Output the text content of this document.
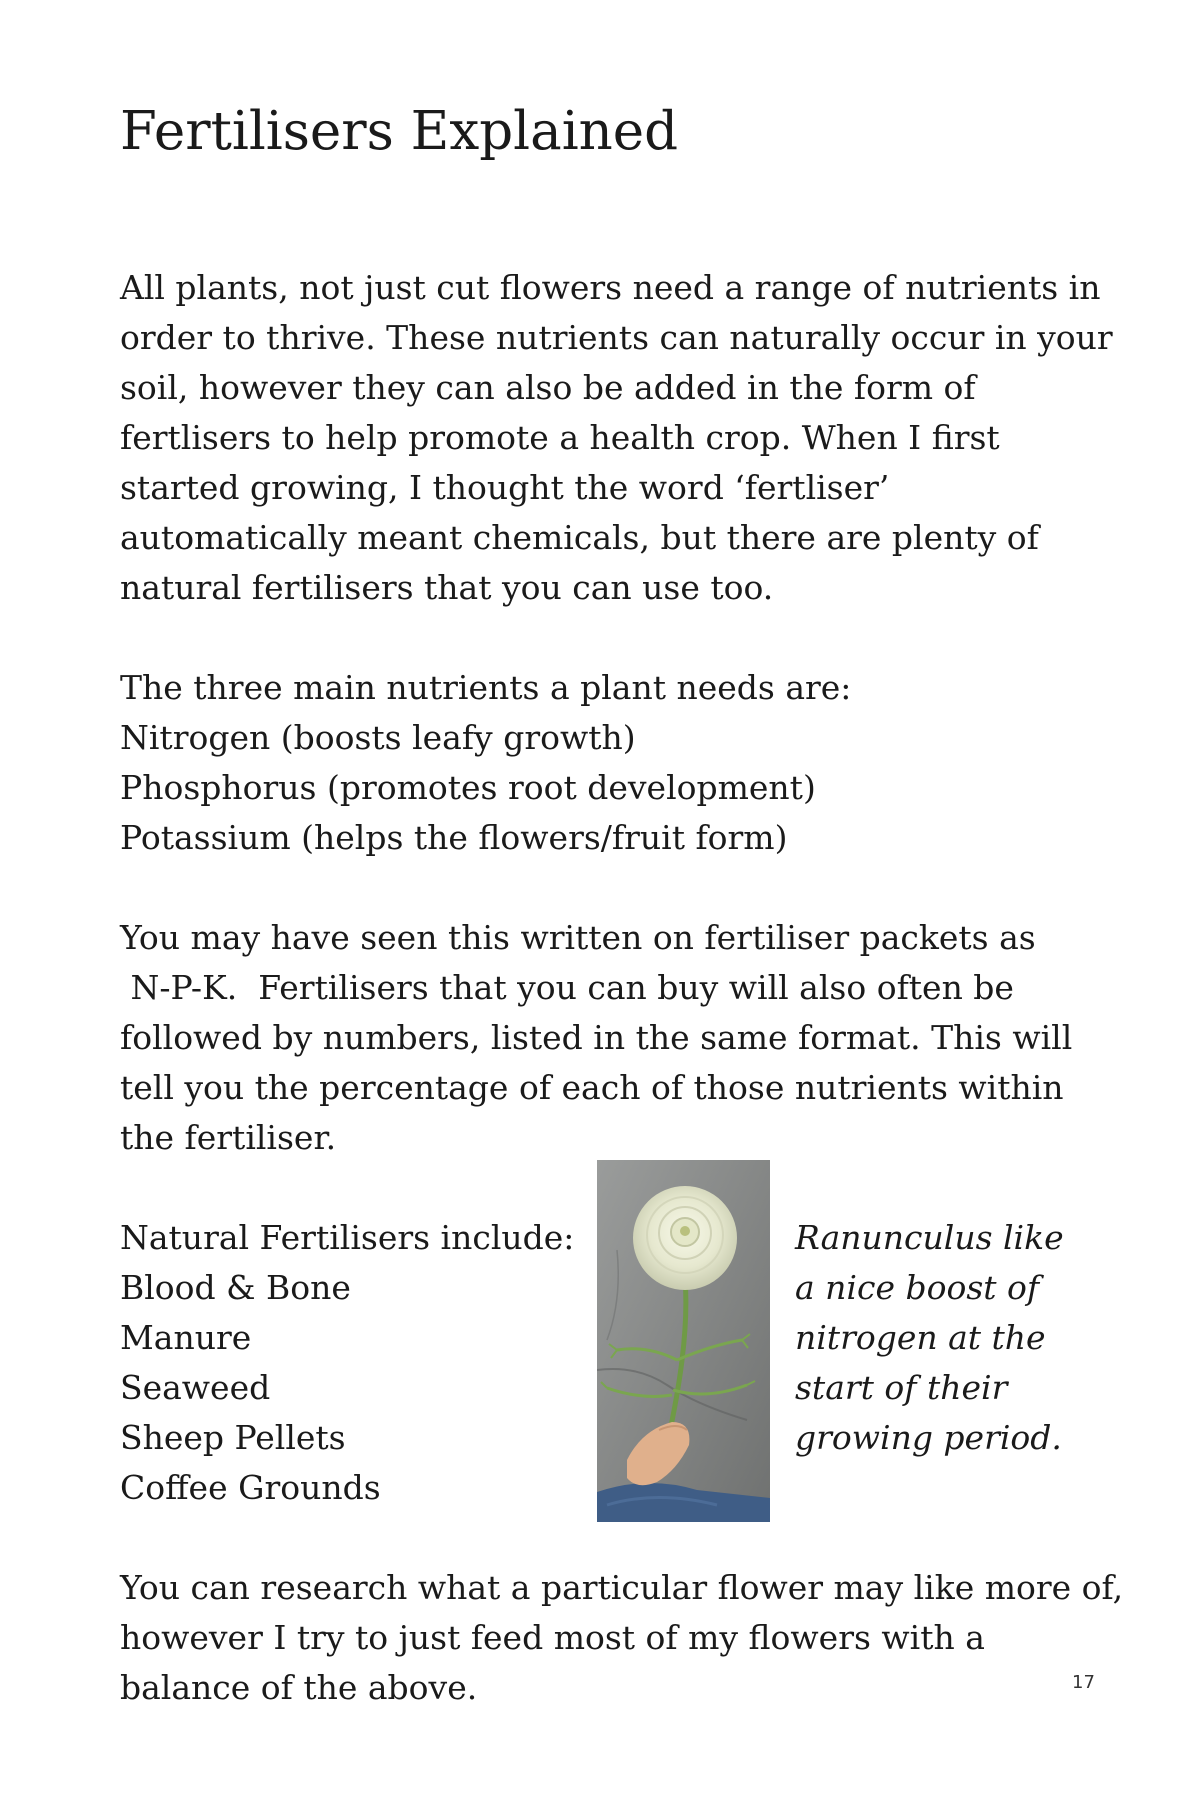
Fertilisers Explained
All plants, not just cut flowers need a range of nutrients in
order to thrive. These nutrients can naturally occur in your
soil, however they can also be added in the form of
fertlisers to help promote a health crop. When I first
started growing, I thought the word ‘fertliser’
automatically meant chemicals, but there are plenty of
natural fertilisers that you can use too.
The three main nutrients a plant needs are:
Nitrogen (boosts leafy growth)
Phosphorus (promotes root development)
Potassium (helps the flowers/fruit form)
You may have seen this written on fertiliser packets as
N-P-K.  Fertilisers that you can buy will also often be
followed by numbers, listed in the same format. This will
tell you the percentage of each of those nutrients within
the fertiliser.
Natural Fertilisers include:
Blood & Bone
Manure
Seaweed
Sheep Pellets
Coffee Grounds
Ranunculus like
a nice boost of
nitrogen at the
start of their
growing period.
You can research what a particular flower may like more of,
however I try to just feed most of my flowers with a
balance of the above.	17
